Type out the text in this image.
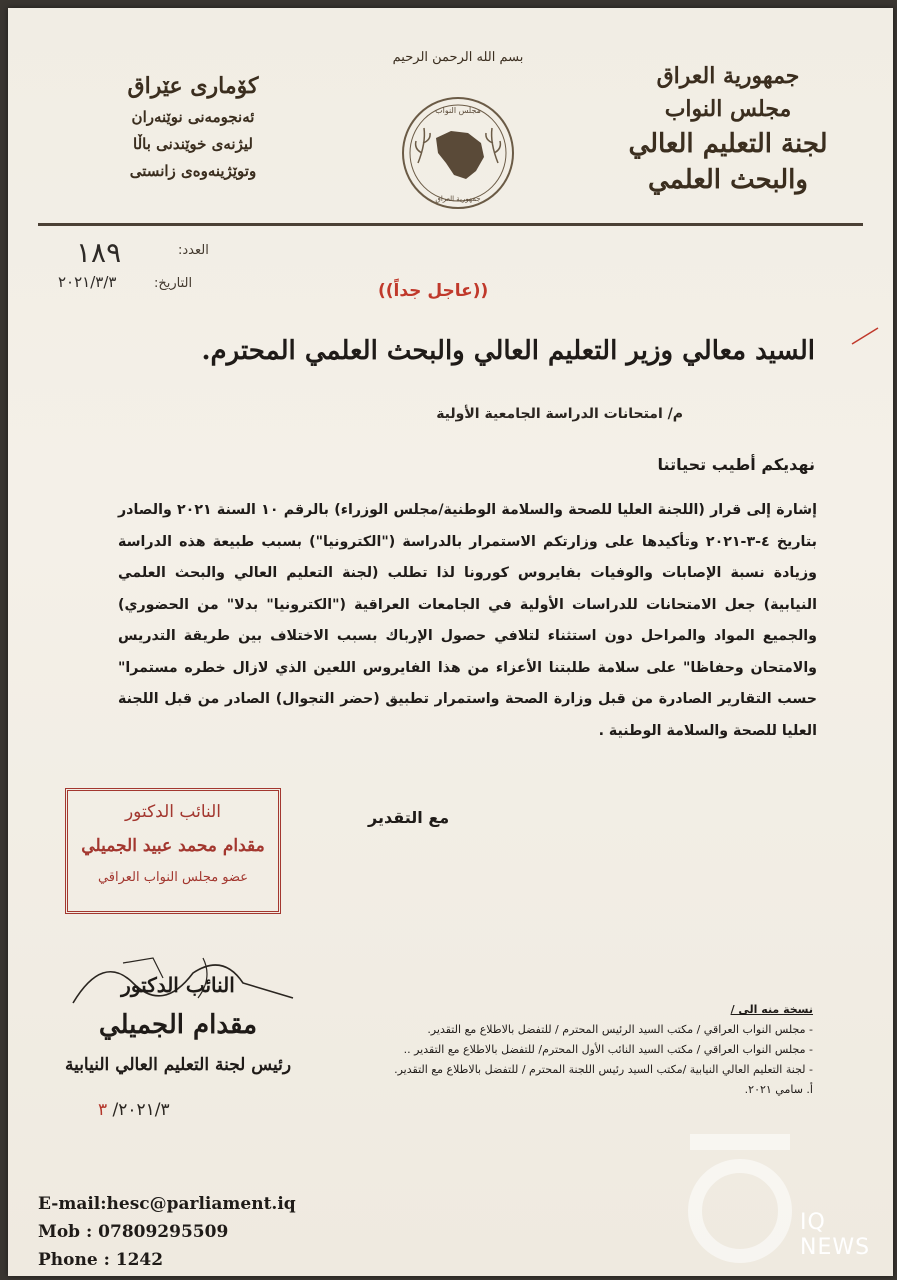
جمهورية العراق
مجلس النواب
لجنة التعليم العالي
والبحث العلمي
كۆماری عێراق
ئەنجومەنی نوێنەران
لیژنەی خوێندنی باڵا
وتوێژینەوەی زانستی
بسم الله الرحمن الرحيم
مجلس النواب
جمهورية العراق
العدد:
١٨٩
التاريخ:
٢٠٢١/٣/٣	((عاجل جداً))
السيد معالي وزير التعليم العالي والبحث العلمي المحترم.
م/ امتحانات الدراسة الجامعية الأولية
نهديكم أطيب تحياتنا
إشارة إلى قرار (اللجنة العليا للصحة والسلامة الوطنية/مجلس الوزراء) بالرقم ١٠ السنة ٢٠٢١ والصادر بتاريخ ٤-٣-٢٠٢١ وتأكيدها على وزارتكم الاستمرار بالدراسة ("الكترونيا") بسبب طبيعة هذه الدراسة وزيادة نسبة الإصابات والوفيات بفايروس كورونا لذا تطلب (لجنة التعليم العالي والبحث العلمي النيابية) جعل الامتحانات للدراسات الأولية في الجامعات العراقية ("الكترونيا" بدلا" من الحضوري) والجميع المواد والمراحل دون استثناء لتلافي حصول الإرباك بسبب الاختلاف بين طريقة التدريس والامتحان وحفاظا" على سلامة طلبتنا الأعزاء من هذا الفايروس اللعين الذي لازال خطره مستمرا" حسب التقارير الصادرة من قبل وزارة الصحة واستمرار تطبيق (حضر التجوال) الصادر من قبل اللجنة العليا للصحة والسلامة الوطنية .
مع التقدير
النائب الدكتور
مقدام محمد عبيد الجميلي
عضو مجلس النواب العراقي
النائب الدكتور
مقدام الجميلي
رئيس لجنة التعليم العالي النيابية
٢٠٢١/٣/ ٣
نسخة منه الى /
- مجلس النواب العراقي / مكتب السيد الرئيس المحترم / للتفضل بالاطلاع مع التقدير.
- مجلس النواب العراقي / مكتب السيد النائب الأول المحترم/ للتفضل بالاطلاع مع التقدير ..
- لجنة التعليم العالي النيابية /مكتب السيد رئيس اللجنة المحترم / للتفضل بالاطلاع مع التقدير.
أ. سامي ٢٠٢١.
E-mail:hesc@parliament.iq
Mob : 07809295509
Phone : 1242
IQ NEWS
